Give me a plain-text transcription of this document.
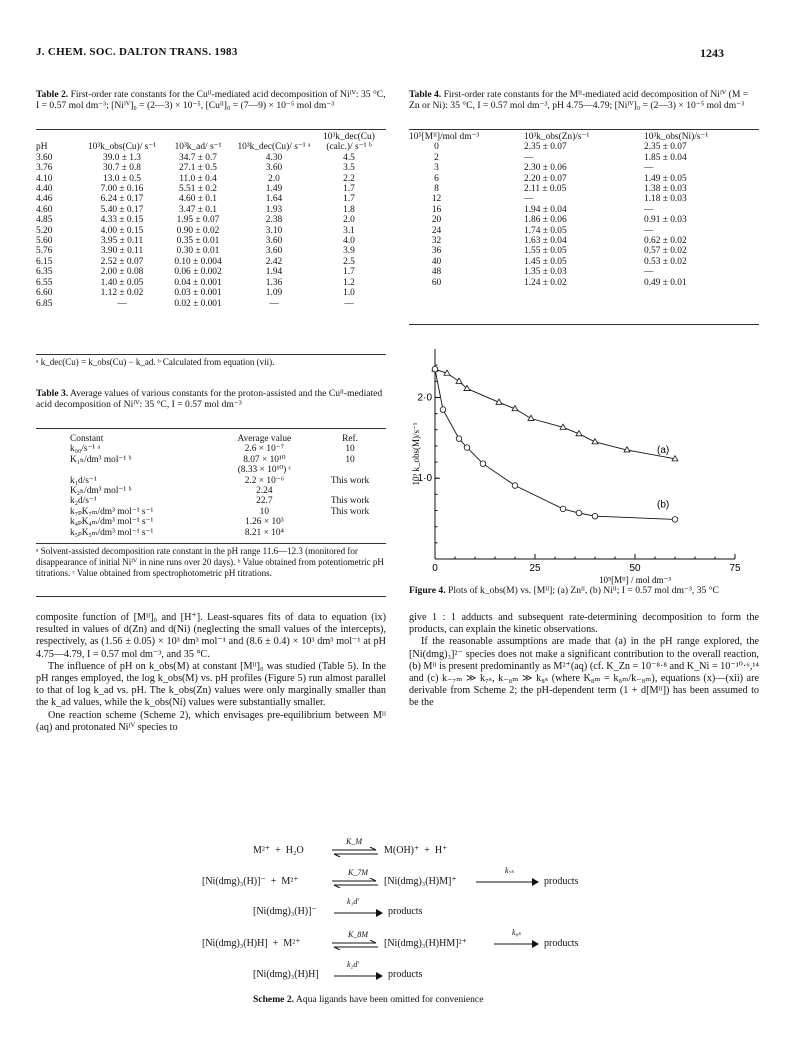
J. CHEM. SOC. DALTON TRANS. 1983	1243
Table 2. First-order rate constants for the Cuᴵᴵ-mediated acid decomposition of Niᴵⱽ: 35 °C, I = 0.57 mol dm⁻³; [Niᴵⱽ]₀ = (2—3) × 10⁻⁵, [Cuᴵᴵ]₀ = (7—9) × 10⁻⁵ mol dm⁻³
pH	10³k_obs(Cu)/ s⁻¹	10³k_ad/ s⁻¹	10³k_dec(Cu)/ s⁻¹ ᵃ	10³k_dec(Cu) (calc.)/ s⁻¹ ᵇ
3.60	39.0 ± 1.3	34.7 ± 0.7	4.30	4.5
3.76	30.7 ± 0.8	27.1 ± 0.5	3.60	3.5
4.10	13.0 ± 0.5	11.0 ± 0.4	2.0	2.2
4.40	7.00 ± 0.16	5.51 ± 0.2	1.49	1.7
4.46	6.24 ± 0.17	4.60 ± 0.1	1.64	1.7
4.60	5.40 ± 0.17	3.47 ± 0.1	1.93	1.8
4.85	4.33 ± 0.15	1.95 ± 0.07	2.38	2.0
5.20	4.00 ± 0.15	0.90 ± 0.02	3.10	3.1
5.60	3.95 ± 0.11	0.35 ± 0.01	3.60	4.0
5.76	3.90 ± 0.11	0.30 ± 0.01	3.60	3.9
6.15	2.52 ± 0.07	0.10 ± 0.004	2.42	2.5
6.35	2.00 ± 0.08	0.06 ± 0.002	1.94	1.7
6.55	1.40 ± 0.05	0.04 ± 0.001	1.36	1.2
6.60	1.12 ± 0.02	0.03 ± 0.001	1.09	1.0
6.85	—	0.02 ± 0.001	—	—
ᵃ k_dec(Cu) = k_obs(Cu) − k_ad. ᵇ Calculated from equation (vii).
Table 3. Average values of various constants for the proton-assisted and the Cuᴵᴵ-mediated acid decomposition of Niᴵⱽ: 35 °C, I = 0.57 mol dm⁻³
Constant	Average value	Ref.
k₀₀/s⁻¹ ᵃ	2.6 × 10⁻⁷	10
K₁ₕ/dm³ mol⁻¹ ᵇ	8.07 × 10¹⁰	10
	(8.33 × 10¹⁰) ᶜ	
k₁d/s⁻¹	2.2 × 10⁻⁶	This work
K₂ₕ/dm³ mol⁻¹ ᵇ	2.24	
k₂d/s⁻¹	22.7	This work
k₇ₚK₇ₘ/dm³ mol⁻¹ s⁻¹	10	This work
k₄ₚK₄ₘ/dm³ mol⁻¹ s⁻¹	1.26 × 10³	
k₅ₚK₅ₘ/dm³ mol⁻¹ s⁻¹	8.21 × 10⁴	
ᵃ Solvent-assisted decomposition rate constant in the pH range 11.6—12.3 (monitored for disappearance of initial Niᴵⱽ in nine runs over 20 days). ᵇ Value obtained from potentiometric pH titrations. ᶜ Value obtained from spectrophotometric pH titrations.

composite function of [Mᴵᴵ]₀ and [H⁺]. Least-squares fits of data to equation (ix) resulted in values of d(Zn) and d(Ni) (neglecting the small values of the intercepts), respectively, as (1.56 ± 0.05) × 10³ dm³ mol⁻¹ and (8.6 ± 0.4) × 10³ dm³ mol⁻¹ at pH 4.75—4.79, I = 0.57 mol dm⁻³, and 35 °C.

The influence of pH on k_obs(M) at constant [Mᴵᴵ]₀ was studied (Table 5). In the pH ranges employed, the log k_obs(M) vs. pH profiles (Figure 5) run almost parallel to that of log k_ad vs. pH. The k_obs(Zn) values were only marginally smaller than the k_ad values, while the k_obs(Ni) values were substantially smaller.

One reaction scheme (Scheme 2), which envisages pre-equilibrium between Mᴵᴵ (aq) and protonated Niᴵⱽ species to

Table 4. First-order rate constants for the Mᴵᴵ-mediated acid decomposition of Niᴵⱽ (M = Zn or Ni): 35 °C, I = 0.57 mol dm⁻³, pH 4.75—4.79; [Niᴵⱽ]₀ = (2—3) × 10⁻⁵ mol dm⁻³
10⁵[Mᴵᴵ]/mol dm⁻³	10³k_obs(Zn)/s⁻¹	10³k_obs(Ni)/s⁻¹
0	2.35 ± 0.07	2.35 ± 0.07
2	—	1.85 ± 0.04
3	2.30 ± 0.06	—
6	2.20 ± 0.07	1.49 ± 0.05
8	2.11 ± 0.05	1.38 ± 0.03
12	—	1.18 ± 0.03
16	1.94 ± 0.04	—
20	1.86 ± 0.06	0.91 ± 0.03
24	1.74 ± 0.05	—
32	1.63 ± 0.04	0.62 ± 0.02
36	1.55 ± 0.05	0.57 ± 0.02
40	1.45 ± 0.05	0.53 ± 0.02
48	1.35 ± 0.03	—
60	1.24 ± 0.02	0.49 ± 0.01
0	25	50	75
1·0
2·0
10³ k_obs(M)/s⁻¹
10⁵[Mᴵᴵ] / mol dm⁻³
(a)
(b)
Figure 4. Plots of k_obs(M) vs. [Mᴵᴵ]; (a) Znᴵᴵ, (b) Niᴵᴵ; I = 0.57 mol dm⁻³, 35 °C

give 1 : 1 adducts and subsequent rate-determining decomposition to form the products, can explain the kinetic observations.

If the reasonable assumptions are made that (a) in the pH range explored, the [Ni(dmg)₃]²⁻ species does not make a significant contribution to the overall reaction, (b) Mᴵᴵ is present predominantly as M²⁺(aq) (cf. K_Zn = 10⁻⁸·⁸ and K_Ni = 10⁻¹⁰·⁶,¹⁴ and (c) k₋₇ₘ ≫ k₇ₛ, k₋₈ₘ ≫ k₈ₛ (where K₈ₘ = k₈ₘ/k₋₈ₘ), equations (x)—(xii) are derivable from Scheme 2; the pH-dependent term (1 + d[Mᴵᴵ]) has been assumed to be the

M²⁺  +  H₂O
K_M
M(OH)⁺  +  H⁺
[Ni(dmg)₃(H)]⁻  +  M²⁺
K_7M
[Ni(dmg)₃(H)M]⁺
k₇ₛ
products
[Ni(dmg)₃(H)]⁻
k₁d′
products
[Ni(dmg)₃(H)H]  +  M²⁺
K_8M
[Ni(dmg)₃(H)HM]²⁺
k₈ₛ
products
[Ni(dmg)₃(H)H]
k₂d′
products
Scheme 2. Aqua ligands have been omitted for convenience
